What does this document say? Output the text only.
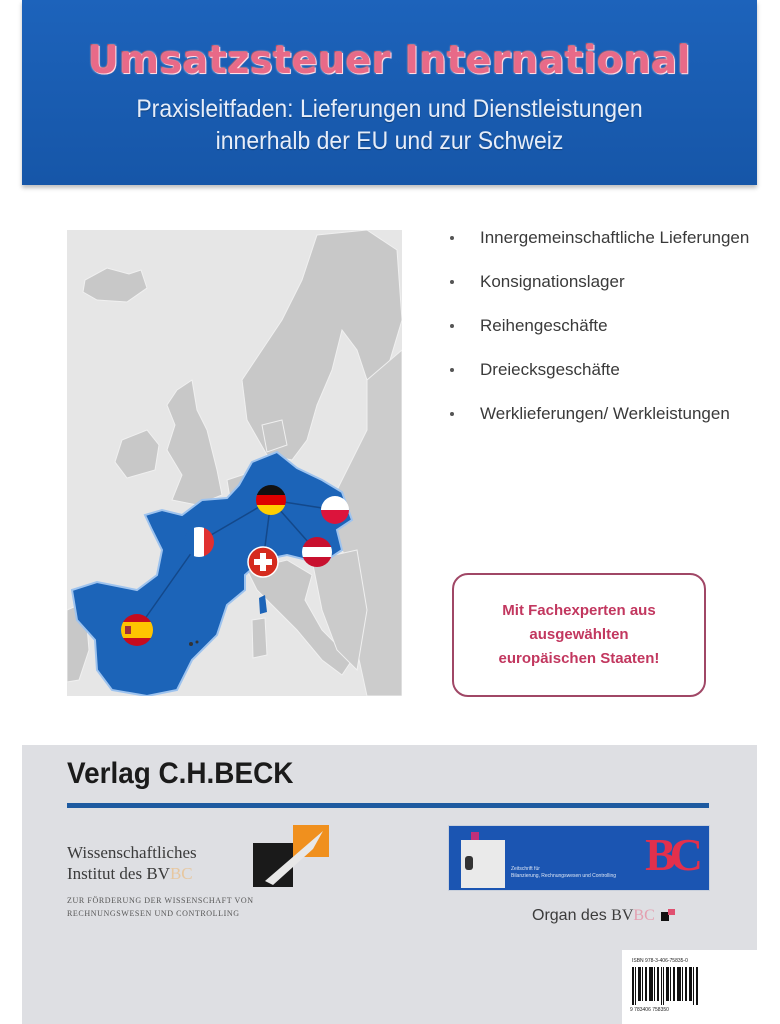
Umsatzsteuer International
Praxisleitfaden: Lieferungen und Dienstleistungen
innerhalb der EU und zur Schweiz
Innergemeinschaftliche Lieferungen
Konsignationslager
Reihengeschäfte
Dreiecksgeschäfte
Werklieferungen/ Werkleistungen
Mit Fachexperten aus
ausgewählten
europäischen Staaten!
Verlag C.H.BECK
Wissenschaftliches
Institut des BVBC
ZUR FÖRDERUNG DER WISSENSCHAFT VON
RECHNUNGSWESEN UND CONTROLLING
Zeitschrift für
Bilanzierung, Rechnungswesen und Controlling BC
Organ des BVBC
ISBN 978-3-406-75835-0
9 783406 758350
